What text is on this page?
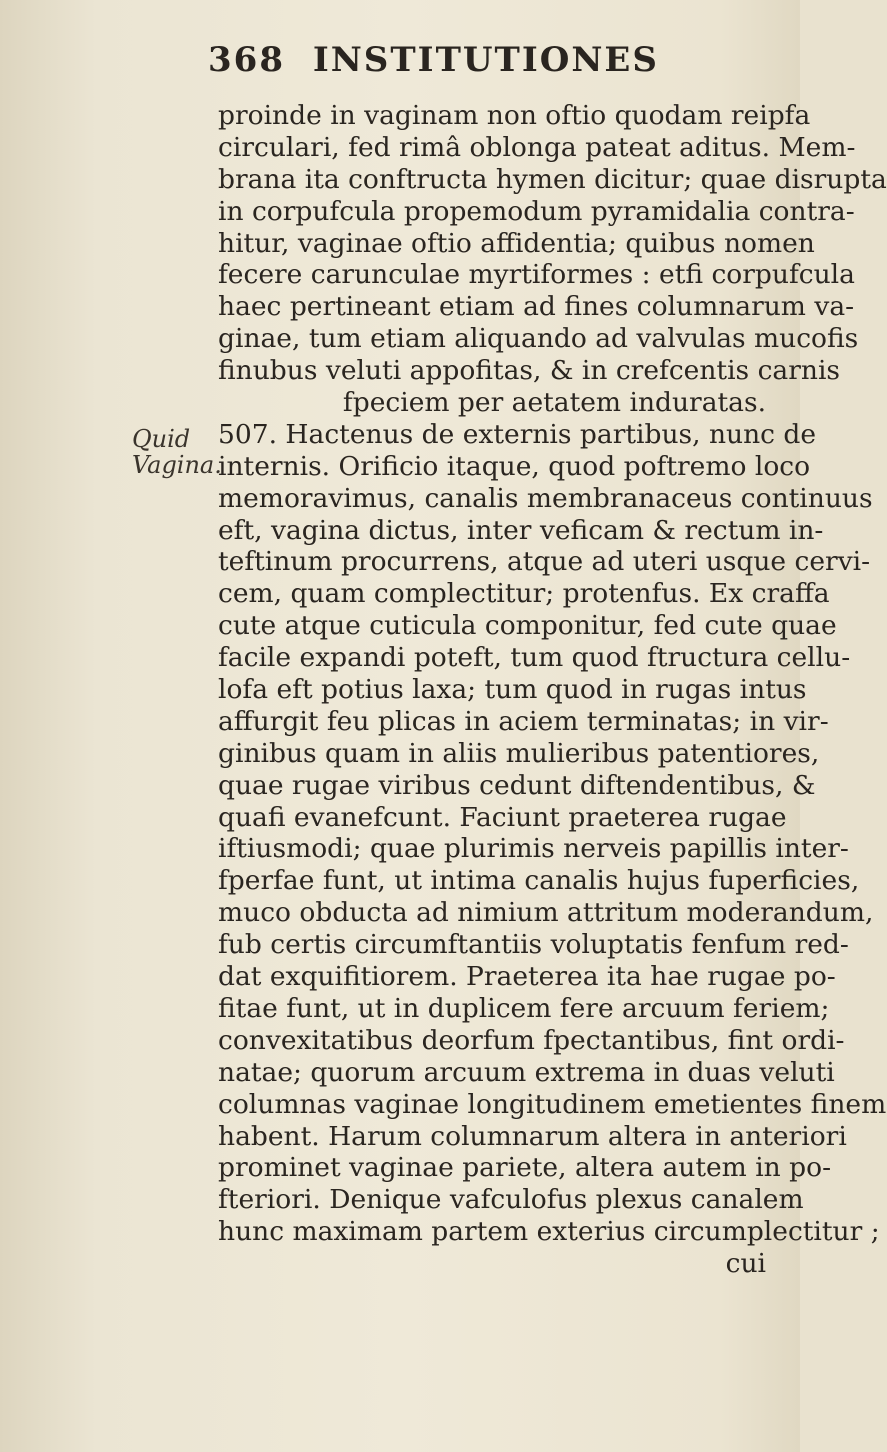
368 INSTITUTIONES
Quid
Vagina.
proinde in vaginam non oftio quodam reipfa
circulari, fed rimâ oblonga pateat aditus. Mem-
brana ita conftructa hymen dicitur; quae disrupta
in corpufcula propemodum pyramidalia contra-
hitur, vaginae oftio affidentia; quibus nomen
fecere carunculae myrtiformes : etfi corpufcula
haec pertineant etiam ad fines columnarum va-
ginae, tum etiam aliquando ad valvulas mucofis
finubus veluti appofitas, & in crefcentis carnis
fpeciem per aetatem induratas.
507. Hactenus de externis partibus, nunc de
internis. Orificio itaque, quod poftremo loco
memoravimus, canalis membranaceus continuus
eft, vagina dictus, inter veficam & rectum in-
teftinum procurrens, atque ad uteri usque cervi-
cem, quam complectitur; protenfus. Ex craffa
cute atque cuticula componitur, fed cute quae
facile expandi poteft, tum quod ftructura cellu-
lofa eft potius laxa; tum quod in rugas intus
affurgit feu plicas in aciem terminatas; in vir-
ginibus quam in aliis mulieribus patentiores,
quae rugae viribus cedunt diftendentibus, &
quafi evanefcunt. Faciunt praeterea rugae
iftiusmodi; quae plurimis nerveis papillis inter-
fperfae funt, ut intima canalis hujus fuperficies,
muco obducta ad nimium attritum moderandum,
fub certis circumftantiis voluptatis fenfum red-
dat exquifitiorem. Praeterea ita hae rugae po-
fitae funt, ut in duplicem fere arcuum feriem;
convexitatibus deorfum fpectantibus, fint ordi-
natae; quorum arcuum extrema in duas veluti
columnas vaginae longitudinem emetientes finem
habent. Harum columnarum altera in anteriori
prominet vaginae pariete, altera autem in po-
fteriori. Denique vafculofus plexus canalem
hunc maximam partem exterius circumplectitur ;
cui
